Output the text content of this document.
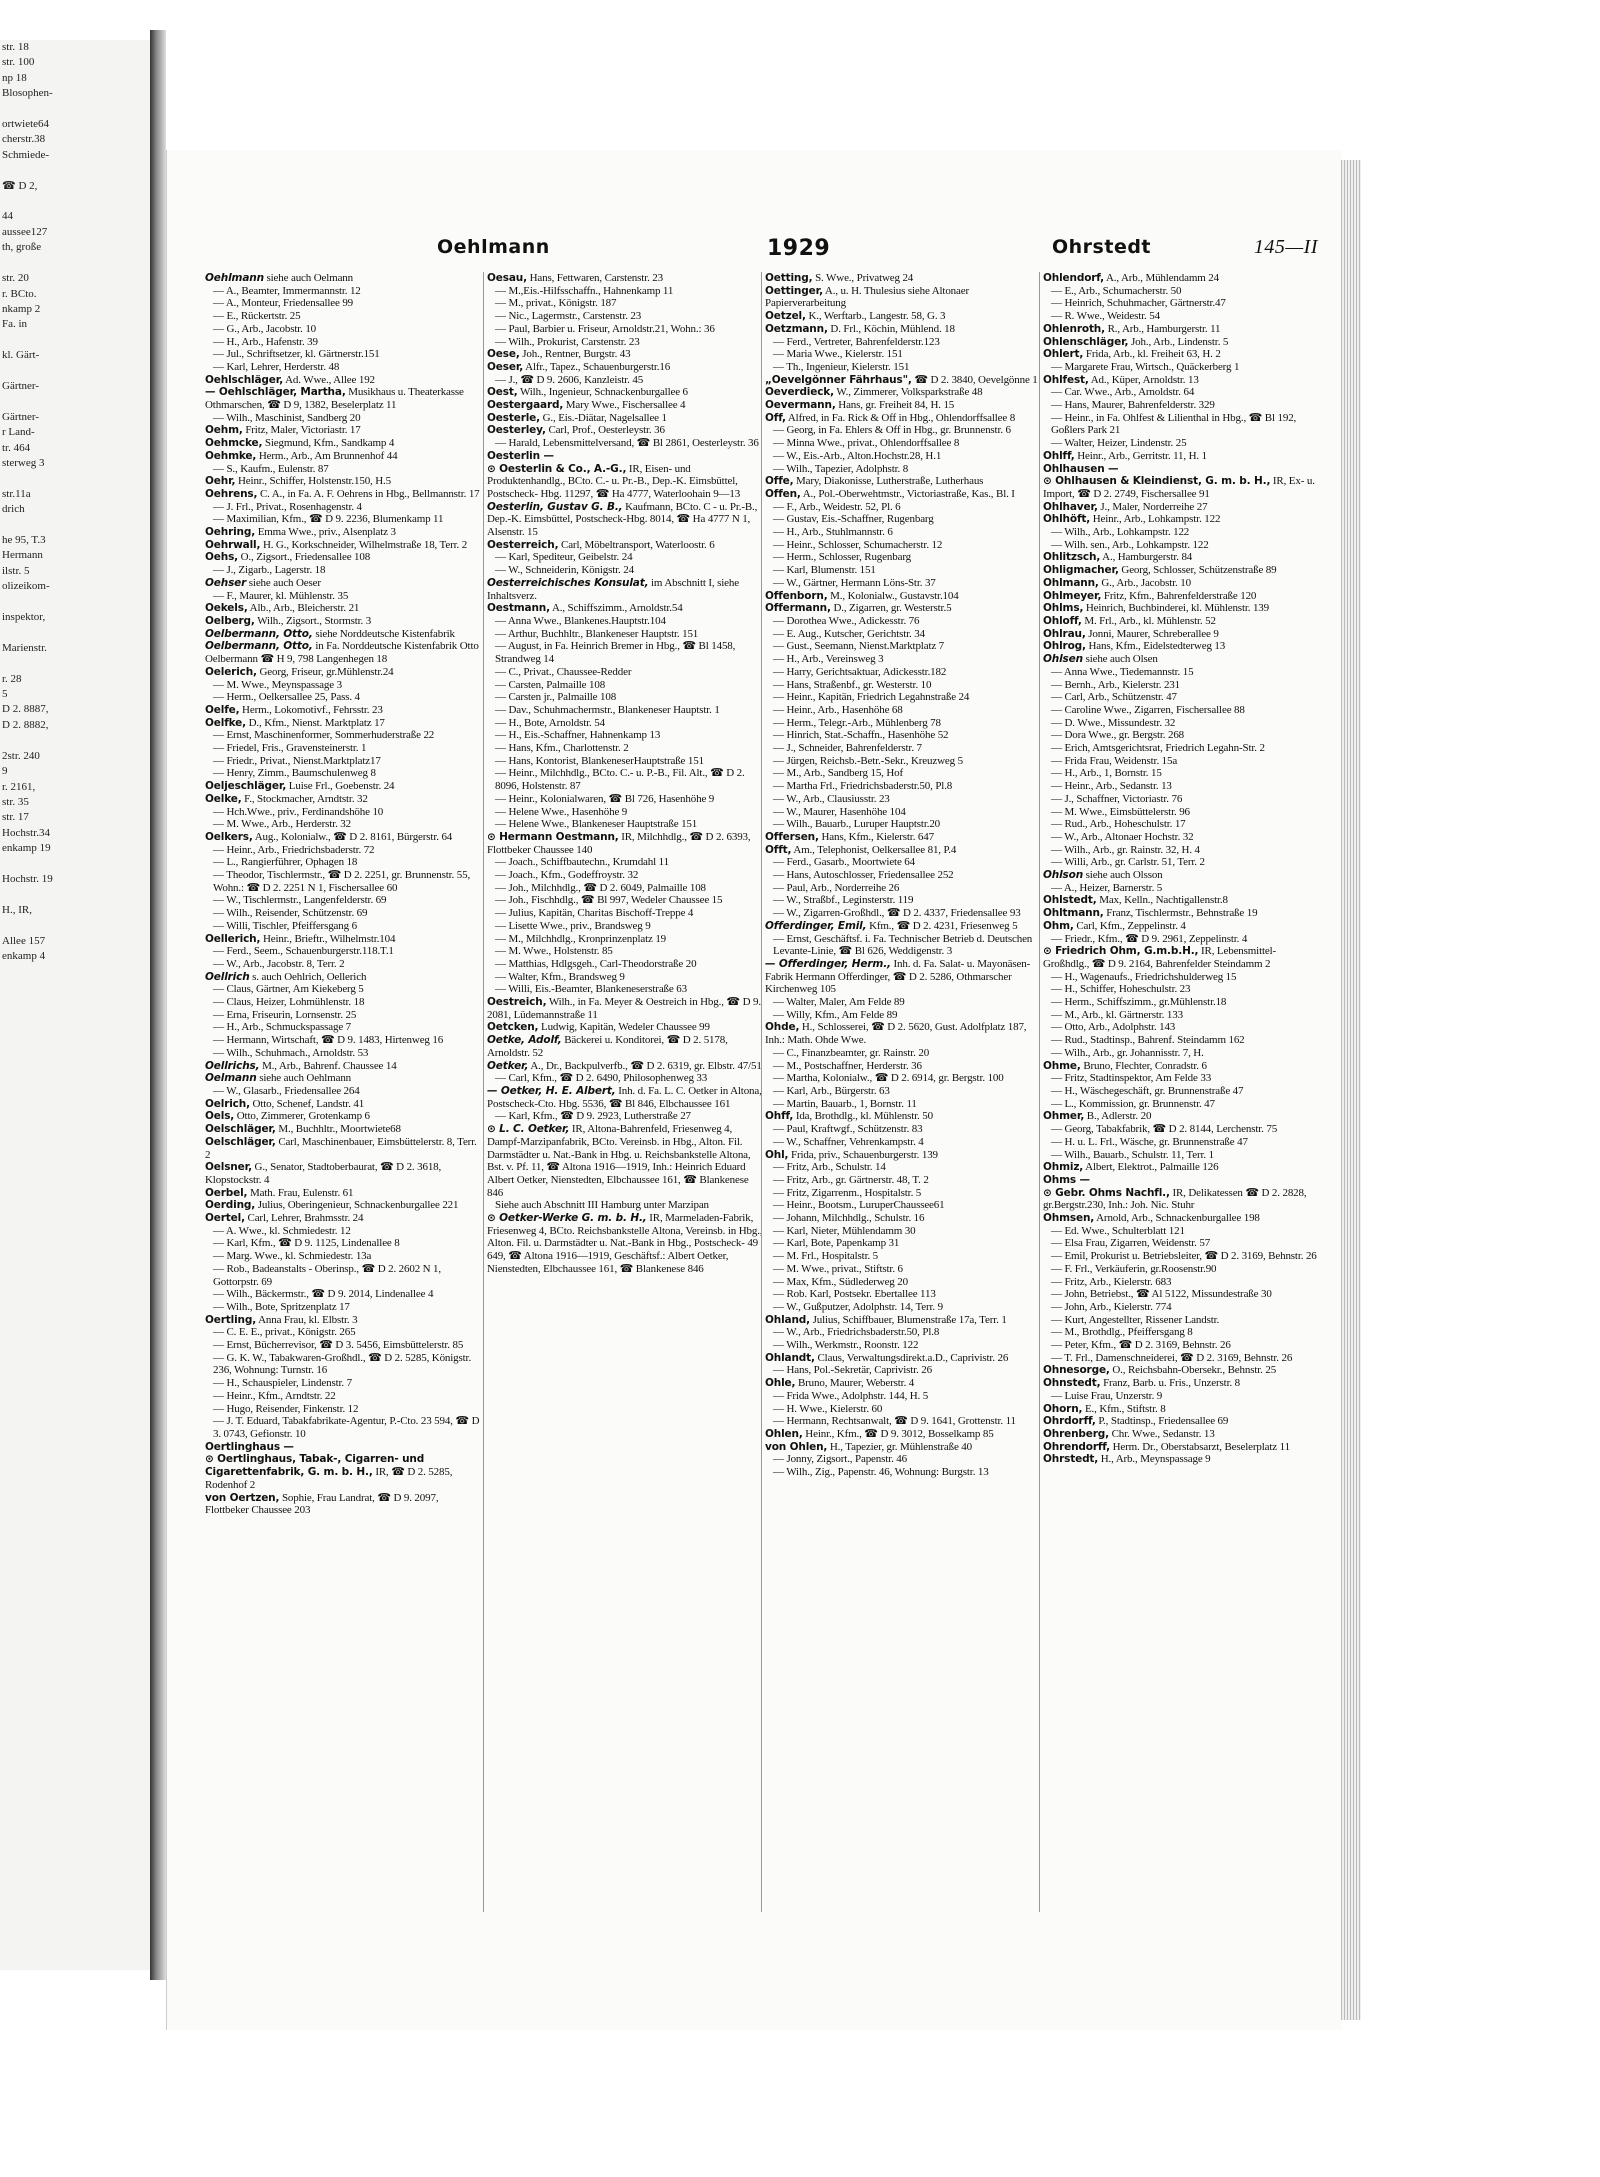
str. 18
str. 100
np 18
Blosophen-

ortwiete64
cherstr.38
Schmiede-

☎ D 2,

44
aussee127
th, große

str. 20
r. BCto.
nkamp 2
Fa. in

kl. Gärt-

Gärtner-

Gärtner-
r Land-
tr. 464
sterweg 3

str.11a
drich

he 95, T.3
Hermann
ilstr. 5
olizeikom-

inspektor,

Marienstr.

r. 28
5
D 2. 8887,
D 2. 8882,

2str. 240
9
r. 2161,
str. 35
str. 17
Hochstr.34
enkamp 19

Hochstr. 19

H., IR,

Allee 157
enkamp 4
Oehlmann	1929	Ohrstedt	145—II

Oehlmann siehe auch Oelmann

— A., Beamter, Immermannstr. 12

— A., Monteur, Friedensallee 99

— E., Rückertstr. 25

— G., Arb., Jacobstr. 10

— H., Arb., Hafenstr. 39

— Jul., Schriftsetzer, kl. Gärtnerstr.151

— Karl, Lehrer, Herderstr. 48

Oehlschläger, Ad. Wwe., Allee 192

— Oehlschläger, Martha, Musikhaus u. Theaterkasse Othmarschen, ☎ D 9, 1382, Beselerplatz 11

— Wilh., Maschinist, Sandberg 20

Oehm, Fritz, Maler, Victoriastr. 17

Oehmcke, Siegmund, Kfm., Sandkamp 4

Oehmke, Herm., Arb., Am Brunnenhof 44

— S., Kaufm., Eulenstr. 87

Oehr, Heinr., Schiffer, Holstenstr.150, H.5

Oehrens, C. A., in Fa. A. F. Oehrens in Hbg., Bellmannstr. 17

— J. Frl., Privat., Rosenhagenstr. 4

— Maximilian, Kfm., ☎ D 9. 2236, Blumenkamp 11

Oehring, Emma Wwe., priv., Alsenplatz 3

Oehrwall, H. G., Korkschneider, Wilhelmstraße 18, Terr. 2

Oehs, O., Zigsort., Friedensallee 108

— J., Zigarb., Lagerstr. 18

Oehser siehe auch Oeser

— F., Maurer, kl. Mühlenstr. 35

Oekels, Alb., Arb., Bleicherstr. 21

Oelberg, Wilh., Zigsort., Stormstr. 3

Oelbermann, Otto, siehe Norddeutsche Kistenfabrik

Oelbermann, Otto, in Fa. Norddeutsche Kistenfabrik Otto Oelbermann ☎ H 9, 798 Langenhegen 18

Oelerich, Georg, Friseur, gr.Mühlenstr.24

— M. Wwe., Meynspassage 3

— Herm., Oelkersallee 25, Pass. 4

Oelfe, Herm., Lokomotivf., Fehrsstr. 23

Oelfke, D., Kfm., Nienst. Marktplatz 17

— Ernst, Maschinenformer, Sommerhuderstraße 22

— Friedel, Fris., Gravensteinerstr. 1

— Friedr., Privat., Nienst.Marktplatz17

— Henry, Zimm., Baumschulenweg 8

Oeljeschläger, Luise Frl., Goebenstr. 24

Oelke, F., Stockmacher, Arndtstr. 32

— Hch.Wwe., priv., Ferdinandshöhe 10

— M. Wwe., Arb., Herderstr. 32

Oelkers, Aug., Kolonialw., ☎ D 2. 8161, Bürgerstr. 64

— Heinr., Arb., Friedrichsbaderstr. 72

— L., Rangierführer, Ophagen 18

— Theodor, Tischlermstr., ☎ D 2. 2251, gr. Brunnenstr. 55, Wohn.: ☎ D 2. 2251 N 1, Fischersallee 60

— W., Tischlermstr., Langenfelderstr. 69

— Wilh., Reisender, Schützenstr. 69

— Willi, Tischler, Pfeiffersgang 6

Oellerich, Heinr., Brieftr., Wilhelmstr.104

— Ferd., Seem., Schauenburgerstr.118.T.1

— W., Arb., Jacobstr. 8, Terr. 2

Oellrich s. auch Oehlrich, Oellerich

— Claus, Gärtner, Am Kiekeberg 5

— Claus, Heizer, Lohmühlenstr. 18

— Erna, Friseurin, Lornsenstr. 25

— H., Arb., Schmuckspassage 7

— Hermann, Wirtschaft, ☎ D 9. 1483, Hirtenweg 16

— Wilh., Schuhmach., Arnoldstr. 53

Oellrichs, M., Arb., Bahrenf. Chaussee 14

Oelmann siehe auch Oehlmann

— W., Glasarb., Friedensallee 264

Oelrich, Otto, Schenef, Landstr. 41

Oels, Otto, Zimmerer, Grotenkamp 6

Oelschläger, M., Buchhltr., Moortwiete68

Oelschläger, Carl, Maschinenbauer, Eimsbüttelerstr. 8, Terr. 2

Oelsner, G., Senator, Stadtoberbaurat, ☎ D 2. 3618, Klopstockstr. 4

Oerbel, Math. Frau, Eulenstr. 61

Oerding, Julius, Oberingenieur, Schnackenburgallee 221

Oertel, Carl, Lehrer, Brahmsstr. 24

— A. Wwe., kl. Schmiedestr. 12

— Karl, Kfm., ☎ D 9. 1125, Lindenallee 8

— Marg. Wwe., kl. Schmiedestr. 13a

— Rob., Badeanstalts - Oberinsp., ☎ D 2. 2602 N 1, Gottorpstr. 69

— Wilh., Bäckermstr., ☎ D 9. 2014, Lindenallee 4

— Wilh., Bote, Spritzenplatz 17

Oertling, Anna Frau, kl. Elbstr. 3

— C. E. E., privat., Königstr. 265

— Ernst, Bücherrevisor, ☎ D 3. 5456, Eimsbüttelerstr. 85

— G. K. W., Tabakwaren-Großhdl., ☎ D 2. 5285, Königstr. 236, Wohnung: Turnstr. 16

— H., Schauspieler, Lindenstr. 7

— Heinr., Kfm., Arndtstr. 22

— Hugo, Reisender, Finkenstr. 12

— J. T. Eduard, Tabakfabrikate-Agentur, P.-Cto. 23 594, ☎ D 3. 0743, Gefionstr. 10

Oertlinghaus —

⊙ Oertlinghaus, Tabak-, Cigarren- und Cigarettenfabrik, G. m. b. H., IR, ☎ D 2. 5285, Rodenhof 2

von Oertzen, Sophie, Frau Landrat, ☎ D 9. 2097, Flottbeker Chaussee 203

Oesau, Hans, Fettwaren, Carstenstr. 23

— M.,Eis.-Hilfsschaffn., Hahnenkamp 11

— M., privat., Königstr. 187

— Nic., Lagermstr., Carstenstr. 23

— Paul, Barbier u. Friseur, Arnoldstr.21, Wohn.: 36

— Wilh., Prokurist, Carstenstr. 23

Oese, Joh., Rentner, Burgstr. 43

Oeser, Alfr., Tapez., Schauenburgerstr.16

— J., ☎ D 9. 2606, Kanzleistr. 45

Oest, Wilh., Ingenieur, Schnackenburgallee 6

Oestergaard, Mary Wwe., Fischersallee 4

Oesterle, G., Eis.-Diätar, Nagelsallee 1

Oesterley, Carl, Prof., Oesterleystr. 36

— Harald, Lebensmittelversand, ☎ Bl 2861, Oesterleystr. 36

Oesterlin —

⊙ Oesterlin & Co., A.-G., IR, Eisen- und Produktenhandlg., BCto. C.- u. Pr.-B., Dep.-K. Eimsbüttel, Postscheck- Hbg. 11297, ☎ Ha 4777, Waterloohain 9—13

Oesterlin, Gustav G. B., Kaufmann, BCto. C - u. Pr.-B., Dep.-K. Eimsbüttel, Postscheck-Hbg. 8014, ☎ Ha 4777 N 1, Alsenstr. 15

Oesterreich, Carl, Möbeltransport, Waterloostr. 6

— Karl, Spediteur, Geibelstr. 24

— W., Schneiderin, Königstr. 24

Oesterreichisches Konsulat, im Abschnitt I, siehe Inhaltsverz.

Oestmann, A., Schiffszimm., Arnoldstr.54

— Anna Wwe., Blankenes.Hauptstr.104

— Arthur, Buchhltr., Blankeneser Hauptstr. 151

— August, in Fa. Heinrich Bremer in Hbg., ☎ Bl 1458, Strandweg 14

— C., Privat., Chaussee-Redder

— Carsten, Palmaille 108

— Carsten jr., Palmaille 108

— Dav., Schuhmachermstr., Blankeneser Hauptstr. 1

— H., Bote, Arnoldstr. 54

— H., Eis.-Schaffner, Hahnenkamp 13

— Hans, Kfm., Charlottenstr. 2

— Hans, Kontorist, BlankeneserHauptstraße 151

— Heinr., Milchhdlg., BCto. C.- u. P.-B., Fil. Alt., ☎ D 2. 8096, Holstenstr. 87

— Heinr., Kolonialwaren, ☎ Bl 726, Hasenhöhe 9

— Helene Wwe., Hasenhöhe 9

— Helene Wwe., Blankeneser Hauptstraße 151

⊙ Hermann Oestmann, IR, Milchhdlg., ☎ D 2. 6393, Flottbeker Chaussee 140

— Joach., Schiffbautechn., Krumdahl 11

— Joach., Kfm., Godeffroystr. 32

— Joh., Milchhdlg., ☎ D 2. 6049, Palmaille 108

— Joh., Fischhdlg., ☎ Bl 997, Wedeler Chaussee 15

— Julius, Kapitän, Charitas Bischoff-Treppe 4

— Lisette Wwe., priv., Brandsweg 9

— M., Milchhdlg., Kronprinzenplatz 19

— M. Wwe., Holstenstr. 85

— Matthias, Hdlgsgeh., Carl-Theodorstraße 20

— Walter, Kfm., Brandsweg 9

— Willi, Eis.-Beamter, Blankeneserstraße 63

Oestreich, Wilh., in Fa. Meyer & Oestreich in Hbg., ☎ D 9. 2081, Lüdemannstraße 11

Oetcken, Ludwig, Kapitän, Wedeler Chaussee 99

Oetke, Adolf, Bäckerei u. Konditorei, ☎ D 2. 5178, Arnoldstr. 52

Oetker, A., Dr., Backpulverfb., ☎ D 2. 6319, gr. Elbstr. 47/51

— Carl, Kfm., ☎ D 2. 6490, Philosophenweg 33

— Oetker, H. E. Albert, Inh. d. Fa. L. C. Oetker in Altona, Postscheck-Cto. Hbg. 5536, ☎ Bl 846, Elbchaussee 161

— Karl, Kfm., ☎ D 9. 2923, Lutherstraße 27

⊙ L. C. Oetker, IR, Altona-Bahrenfeld, Friesenweg 4, Dampf-Marzipanfabrik, BCto. Vereinsb. in Hbg., Alton. Fil. Darmstädter u. Nat.-Bank in Hbg. u. Reichsbankstelle Altona, Bst. v. Pf. 11, ☎ Altona 1916—1919, Inh.: Heinrich Eduard Albert Oetker, Nienstedten, Elbchaussee 161, ☎ Blankenese 846

Siehe auch Abschnitt III Hamburg unter Marzipan

⊙ Oetker-Werke G. m. b. H., IR, Marmeladen-Fabrik, Friesenweg 4, BCto. Reichsbankstelle Altona, Vereinsb. in Hbg., Alton. Fil. u. Darmstädter u. Nat.-Bank in Hbg., Postscheck- 49 649, ☎ Altona 1916—1919, Geschäftsf.: Albert Oetker, Nienstedten, Elbchaussee 161, ☎ Blankenese 846

Oetting, S. Wwe., Privatweg 24

Oettinger, A., u. H. Thulesius siehe Altonaer Papierverarbeitung

Oetzel, K., Werftarb., Langestr. 58, G. 3

Oetzmann, D. Frl., Köchin, Mühlend. 18

— Ferd., Vertreter, Bahrenfelderstr.123

— Maria Wwe., Kielerstr. 151

— Th., Ingenieur, Kielerstr. 151

„Oevelgönner Fährhaus", ☎ D 2. 3840, Oevelgönne 1

Oeverdieck, W., Zimmerer, Volksparkstraße 48

Oevermann, Hans, gr. Freiheit 84, H. 15

Off, Alfred, in Fa. Rick & Off in Hbg., Ohlendorffsallee 8

— Georg, in Fa. Ehlers & Off in Hbg., gr. Brunnenstr. 6

— Minna Wwe., privat., Ohlendorffsallee 8

— W., Eis.-Arb., Alton.Hochstr.28, H.1

— Wilh., Tapezier, Adolphstr. 8

Offe, Mary, Diakonisse, Lutherstraße, Lutherhaus

Offen, A., Pol.-Oberwehtmstr., Victoriastraße, Kas., Bl. I

— F., Arb., Weidestr. 52, Pl. 6

— Gustav, Eis.-Schaffner, Rugenbarg

— H., Arb., Stuhlmannstr. 6

— Heinr., Schlosser, Schumacherstr. 12

— Herm., Schlosser, Rugenbarg

— Karl, Blumenstr. 151

— W., Gärtner, Hermann Löns-Str. 37

Offenborn, M., Kolonialw., Gustavstr.104

Offermann, D., Zigarren, gr. Westerstr.5

— Dorothea Wwe., Adickesstr. 76

— E. Aug., Kutscher, Gerichtstr. 34

— Gust., Seemann, Nienst.Marktplatz 7

— H., Arb., Vereinsweg 3

— Harry, Gerichtsaktuar, Adickesstr.182

— Hans, Straßenbf., gr. Westerstr. 10

— Heinr., Kapitän, Friedrich Legahnstraße 24

— Heinr., Arb., Hasenhöhe 68

— Herm., Telegr.-Arb., Mühlenberg 78

— Hinrich, Stat.-Schaffn., Hasenhöhe 52

— J., Schneider, Bahrenfelderstr. 7

— Jürgen, Reichsb.-Betr.-Sekr., Kreuzweg 5

— M., Arb., Sandberg 15, Hof

— Martha Frl., Friedrichsbaderstr.50, Pl.8

— W., Arb., Clausiusstr. 23

— W., Maurer, Hasenhöhe 104

— Wilh., Bauarb., Luruper Hauptstr.20

Offersen, Hans, Kfm., Kielerstr. 647

Offt, Am., Telephonist, Oelkersallee 81, P.4

— Ferd., Gasarb., Moortwiete 64

— Hans, Autoschlosser, Friedensallee 252

— Paul, Arb., Norderreihe 26

— W., Straßbf., Leginsterstr. 119

— W., Zigarren-Großhdl., ☎ D 2. 4337, Friedensallee 93

Offerdinger, Emil, Kfm., ☎ D 2. 4231, Friesenweg 5

— Ernst, Geschäftsf. i. Fa. Technischer Betrieb d. Deutschen Levante-Linie, ☎ Bl 626, Weddigenstr. 3

— Offerdinger, Herm., Inh. d. Fa. Salat- u. Mayonäsen-Fabrik Hermann Offerdinger, ☎ D 2. 5286, Othmarscher Kirchenweg 105

— Walter, Maler, Am Felde 89

— Willy, Kfm., Am Felde 89

Ohde, H., Schlosserei, ☎ D 2. 5620, Gust. Adolfplatz 187, Inh.: Math. Ohde Wwe.

— C., Finanzbeamter, gr. Rainstr. 20

— M., Postschaffner, Herderstr. 36

— Martha, Kolonialw., ☎ D 2. 6914, gr. Bergstr. 100

— Karl, Arb., Bürgerstr. 63

— Martin, Bauarb., 1, Bornstr. 11

Ohff, Ida, Brothdlg., kl. Mühlenstr. 50

— Paul, Kraftwgf., Schützenstr. 83

— W., Schaffner, Vehrenkampstr. 4

Ohl, Frida, priv., Schauenburgerstr. 139

— Fritz, Arb., Schulstr. 14

— Fritz, Arb., gr. Gärtnerstr. 48, T. 2

— Fritz, Zigarrenm., Hospitalstr. 5

— Heinr., Bootsm., LuruperChaussee61

— Johann, Milchhdlg., Schulstr. 16

— Karl, Nieter, Mühlendamm 30

— Karl, Bote, Papenkamp 31

— M. Frl., Hospitalstr. 5

— M. Wwe., privat., Stiftstr. 6

— Max, Kfm., Südlederweg 20

— Rob. Karl, Postsekr. Ebertallee 113

— W., Gußputzer, Adolphstr. 14, Terr. 9

Ohland, Julius, Schiffbauer, Blumenstraße 17a, Terr. 1

— W., Arb., Friedrichsbaderstr.50, Pl.8

— Wilh., Werkmstr., Roonstr. 122

Ohlandt, Claus, Verwaltungsdirekt.a.D., Caprivistr. 26

— Hans, Pol.-Sekretär, Caprivistr. 26

Ohle, Bruno, Maurer, Weberstr. 4

— Frida Wwe., Adolphstr. 144, H. 5

— H. Wwe., Kielerstr. 60

— Hermann, Rechtsanwalt, ☎ D 9. 1641, Grottenstr. 11

Ohlen, Heinr., Kfm., ☎ D 9. 3012, Bosselkamp 85

von Ohlen, H., Tapezier, gr. Mühlenstraße 40

— Jonny, Zigsort., Papenstr. 46

— Wilh., Zig., Papenstr. 46, Wohnung: Burgstr. 13

Ohlendorf, A., Arb., Mühlendamm 24

— E., Arb., Schumacherstr. 50

— Heinrich, Schuhmacher, Gärtnerstr.47

— R. Wwe., Weidestr. 54

Ohlenroth, R., Arb., Hamburgerstr. 11

Ohlenschläger, Joh., Arb., Lindenstr. 5

Ohlert, Frida, Arb., kl. Freiheit 63, H. 2

— Margarete Frau, Wirtsch., Quäckerberg 1

Ohlfest, Ad., Küper, Arnoldstr. 13

— Car. Wwe., Arb., Arnoldstr. 64

— Hans, Maurer, Bahrenfelderstr. 329

— Heinr., in Fa. Ohlfest & Lilienthal in Hbg., ☎ Bl 192, Goßlers Park 21

— Walter, Heizer, Lindenstr. 25

Ohlff, Heinr., Arb., Gerritstr. 11, H. 1

Ohlhausen —

⊙ Ohlhausen & Kleindienst, G. m. b. H., IR, Ex- u. Import, ☎ D 2. 2749, Fischersallee 91

Ohlhaver, J., Maler, Norderreihe 27

Ohlhöft, Heinr., Arb., Lohkampstr. 122

— Wilh., Arb., Lohkampstr. 122

— Wilh. sen., Arb., Lohkampstr. 122

Ohlitzsch, A., Hamburgerstr. 84

Ohligmacher, Georg, Schlosser, Schützenstraße 89

Ohlmann, G., Arb., Jacobstr. 10

Ohlmeyer, Fritz, Kfm., Bahrenfelderstraße 120

Ohlms, Heinrich, Buchbinderei, kl. Mühlenstr. 139

Ohloff, M. Frl., Arb., kl. Mühlenstr. 52

Ohlrau, Jonni, Maurer, Schreberallee 9

Ohlrog, Hans, Kfm., Eidelstedterweg 13

Ohlsen siehe auch Olsen

— Anna Wwe., Tiedemannstr. 15

— Bernh., Arb., Kielerstr. 231

— Carl, Arb., Schützenstr. 47

— Caroline Wwe., Zigarren, Fischersallee 88

— D. Wwe., Missundestr. 32

— Dora Wwe., gr. Bergstr. 268

— Erich, Amtsgerichtsrat, Friedrich Legahn-Str. 2

— Frida Frau, Weidenstr. 15a

— H., Arb., 1, Bornstr. 15

— Heinr., Arb., Sedanstr. 13

— J., Schaffner, Victoriastr. 76

— M. Wwe., Eimsbüttelerstr. 96

— Rud., Arb., Hoheschulstr. 17

— W., Arb., Altonaer Hochstr. 32

— Wilh., Arb., gr. Rainstr. 32, H. 4

— Willi, Arb., gr. Carlstr. 51, Terr. 2

Ohlson siehe auch Olsson

— A., Heizer, Barnerstr. 5

Ohlstedt, Max, Kelln., Nachtigallenstr.8

Ohltmann, Franz, Tischlermstr., Behnstraße 19

Ohm, Carl, Kfm., Zeppelinstr. 4

— Friedr., Kfm., ☎ D 9. 2961, Zeppelinstr. 4

⊙ Friedrich Ohm, G.m.b.H., IR, Lebensmittel-Großhdlg., ☎ D 9. 2164, Bahrenfelder Steindamm 2

— H., Wagenaufs., Friedrichshulderweg 15

— H., Schiffer, Hoheschulstr. 23

— Herm., Schiffszimm., gr.Mühlenstr.18

— M., Arb., kl. Gärtnerstr. 133

— Otto, Arb., Adolphstr. 143

— Rud., Stadtinsp., Bahrenf. Steindamm 162

— Wilh., Arb., gr. Johannisstr. 7, H.

Ohme, Bruno, Flechter, Conradstr. 6

— Fritz, Stadtinspektor, Am Felde 33

— H., Wäschegeschäft, gr. Brunnenstraße 47

— L., Kommission, gr. Brunnenstr. 47

Ohmer, B., Adlerstr. 20

— Georg, Tabakfabrik, ☎ D 2. 8144, Lerchenstr. 75

— H. u. L. Frl., Wäsche, gr. Brunnenstraße 47

— Wilh., Bauarb., Schulstr. 11, Terr. 1

Ohmiz, Albert, Elektrot., Palmaille 126

Ohms —

⊙ Gebr. Ohms Nachfl., IR, Delikatessen ☎ D 2. 2828, gr.Bergstr.230, Inh.: Joh. Nic. Stuhr

Ohmsen, Arnold, Arb., Schnackenburgallee 198

— Ed. Wwe., Schulterblatt 121

— Elsa Frau, Zigarren, Weidenstr. 57

— Emil, Prokurist u. Betriebsleiter, ☎ D 2. 3169, Behnstr. 26

— F. Frl., Verkäuferin, gr.Roosenstr.90

— Fritz, Arb., Kielerstr. 683

— John, Betriebst., ☎ Al 5122, Missundestraße 30

— John, Arb., Kielerstr. 774

— Kurt, Angestellter, Rissener Landstr.

— M., Brothdlg., Pfeiffersgang 8

— Peter, Kfm., ☎ D 2. 3169, Behnstr. 26

— T. Frl., Damenschneiderei, ☎ D 2. 3169, Behnstr. 26

Ohnesorge, O., Reichsbahn-Obersekr., Behnstr. 25

Ohnstedt, Franz, Barb. u. Fris., Unzerstr. 8

— Luise Frau, Unzerstr. 9

Ohorn, E., Kfm., Stiftstr. 8

Ohrdorff, P., Stadtinsp., Friedensallee 69

Ohrenberg, Chr. Wwe., Sedanstr. 13

Ohrendorff, Herm. Dr., Oberstabsarzt, Beselerplatz 11

Ohrstedt, H., Arb., Meynspassage 9
